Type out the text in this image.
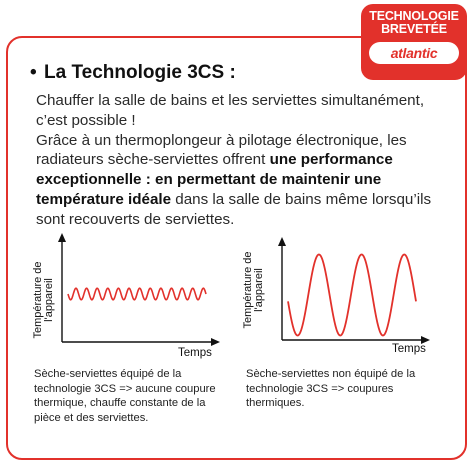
TECHNOLOGIE
BREVETÉE
atlantic
• La Technologie 3CS :
Chauffer la salle de bains et les serviettes simultanément, c’est possible !
Grâce à un thermoplongeur à pilotage électronique, les radiateurs sèche-serviettes offrent une performance exceptionnelle : en permettant de maintenir une température idéale dans la salle de bains même lorsqu’ils sont recouverts de serviettes.
Température de
l'appareil
Temps
Sèche-serviettes équipé de la technologie 3CS => aucune coupure thermique, chauffe constante de la pièce et des serviettes.
Température de
l'appareil
Temps
Sèche-serviettes non équipé de la technologie 3CS => coupures thermiques.
